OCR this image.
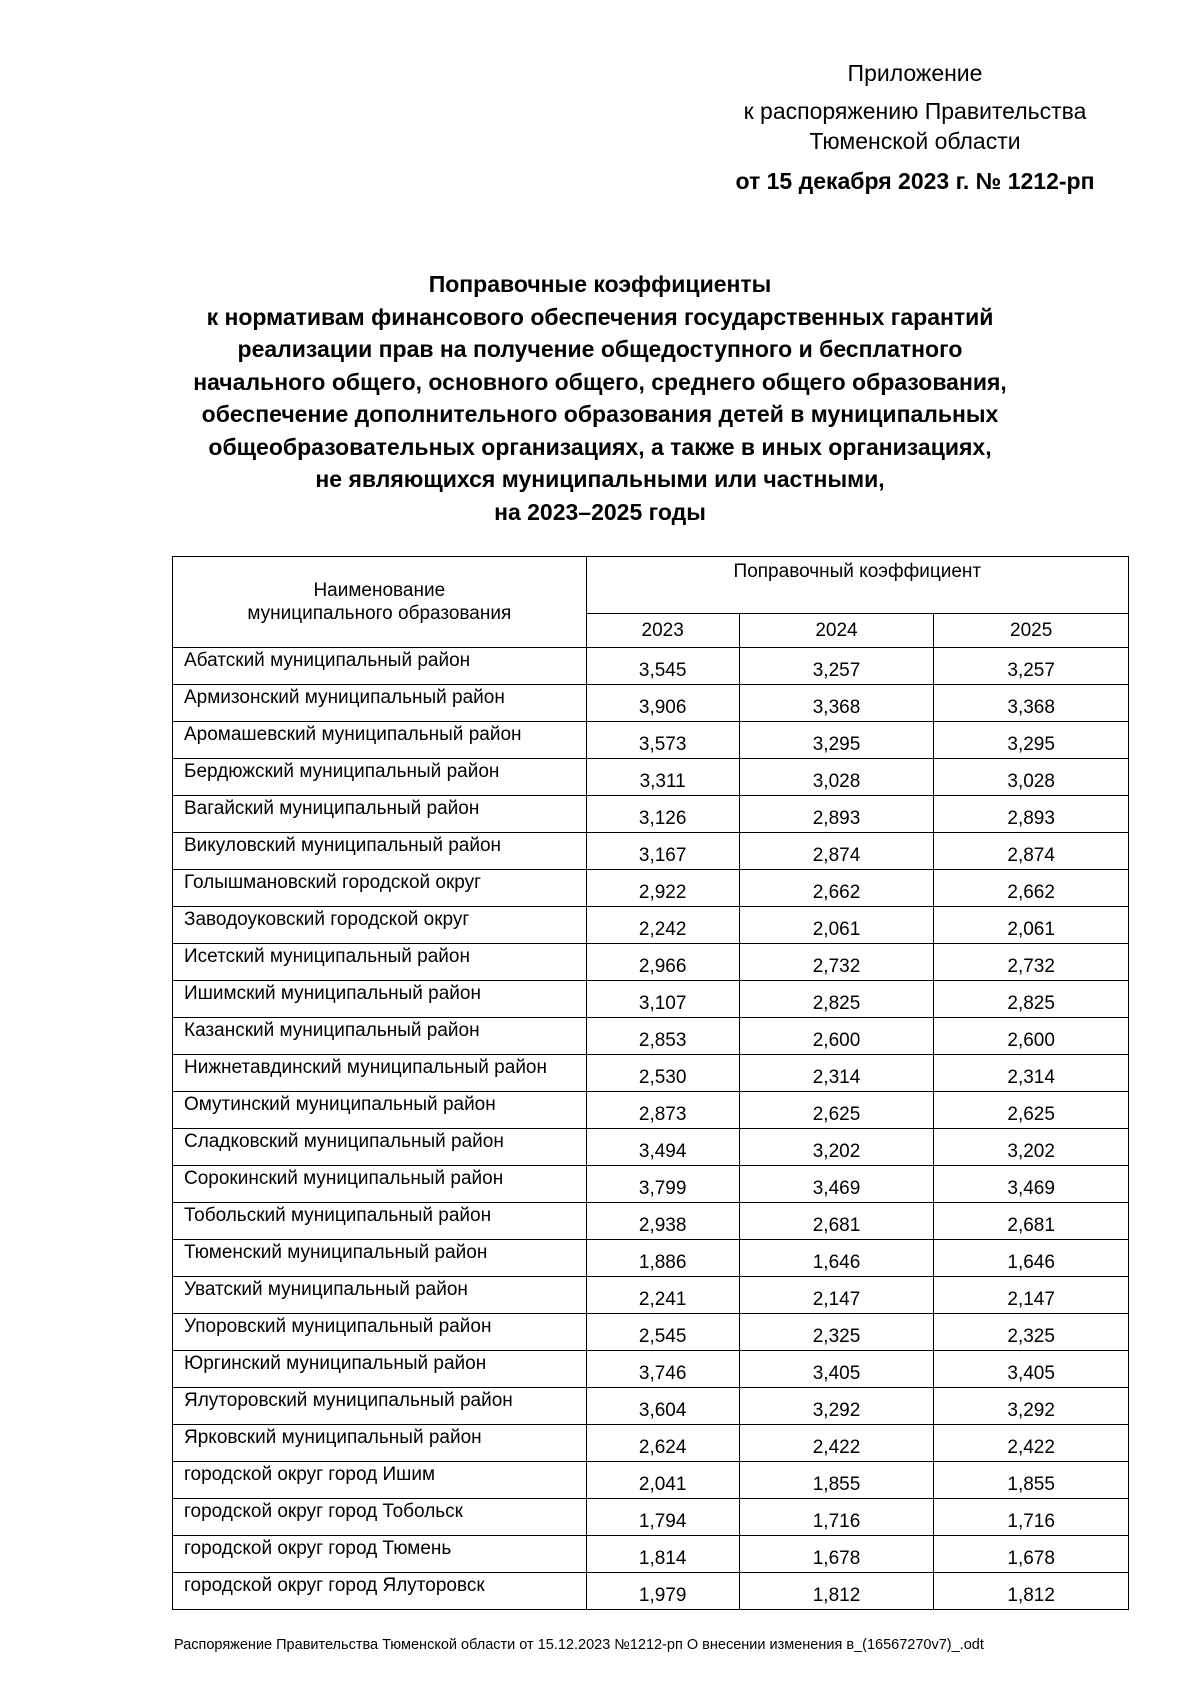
Приложение
к распоряжению Правительства
Тюменской области
от 15 декабря 2023 г. № 1212-рп
Поправочные коэффициенты
к нормативам финансового обеспечения государственных гарантий
реализации прав на получение общедоступного и бесплатного
начального общего, основного общего, среднего общего образования,
обеспечение дополнительного образования детей в муниципальных
общеобразовательных организациях, а также в иных организациях,
не являющихся муниципальными или частными,
на 2023–2025 годы
Наименование
муниципального образования	Поправочный коэффициент		
	2023	2024	2025
Абатский муниципальный район	3,545	3,257	3,257
Армизонский муниципальный район	3,906	3,368	3,368
Аромашевский муниципальный район	3,573	3,295	3,295
Бердюжский муниципальный район	3,311	3,028	3,028
Вагайский муниципальный район	3,126	2,893	2,893
Викуловский муниципальный район	3,167	2,874	2,874
Голышмановский городской округ	2,922	2,662	2,662
Заводоуковский городской округ	2,242	2,061	2,061
Исетский муниципальный район	2,966	2,732	2,732
Ишимский муниципальный район	3,107	2,825	2,825
Казанский муниципальный район	2,853	2,600	2,600
Нижнетавдинский муниципальный район	2,530	2,314	2,314
Омутинский муниципальный район	2,873	2,625	2,625
Сладковский муниципальный район	3,494	3,202	3,202
Сорокинский муниципальный район	3,799	3,469	3,469
Тобольский муниципальный район	2,938	2,681	2,681
Тюменский муниципальный район	1,886	1,646	1,646
Уватский муниципальный район	2,241	2,147	2,147
Упоровский муниципальный район	2,545	2,325	2,325
Юргинский муниципальный район	3,746	3,405	3,405
Ялуторовский муниципальный район	3,604	3,292	3,292
Ярковский муниципальный район	2,624	2,422	2,422
городской округ город Ишим	2,041	1,855	1,855
городской округ город Тобольск	1,794	1,716	1,716
городской округ город Тюмень	1,814	1,678	1,678
городской округ город Ялуторовск	1,979	1,812	1,812
Распоряжение Правительства Тюменской области от 15.12.2023 №1212-рп О внесении изменения в_(16567270v7)_.odt
